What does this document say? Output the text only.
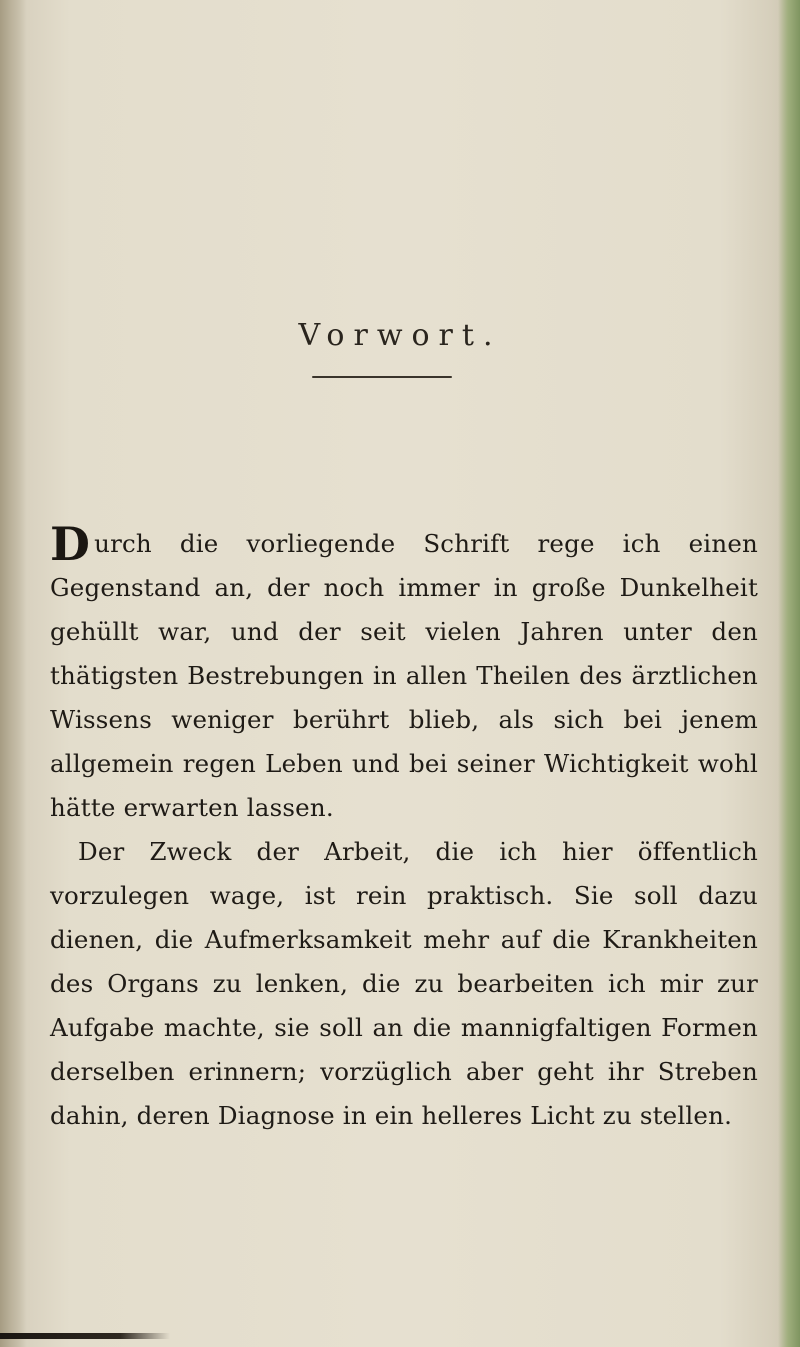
Vorwort.

Durch die vorliegende Schrift rege ich einen Gegenstand an, der noch immer in große Dunkelheit gehüllt war, und der seit vielen Jahren unter den thätigsten Bestrebungen in allen Theilen des ärztlichen Wissens weniger berührt blieb, als sich bei jenem allgemein regen Leben und bei seiner Wichtigkeit wohl hätte erwarten lassen.

Der Zweck der Arbeit, die ich hier öffentlich vorzulegen wage, ist rein praktisch. Sie soll dazu dienen, die Aufmerksamkeit mehr auf die Krankheiten des Organs zu lenken, die zu bearbeiten ich mir zur Aufgabe machte, sie soll an die mannigfaltigen Formen derselben erinnern; vorzüglich aber geht ihr Streben dahin, deren Diagnose in ein helleres Licht zu stellen.
